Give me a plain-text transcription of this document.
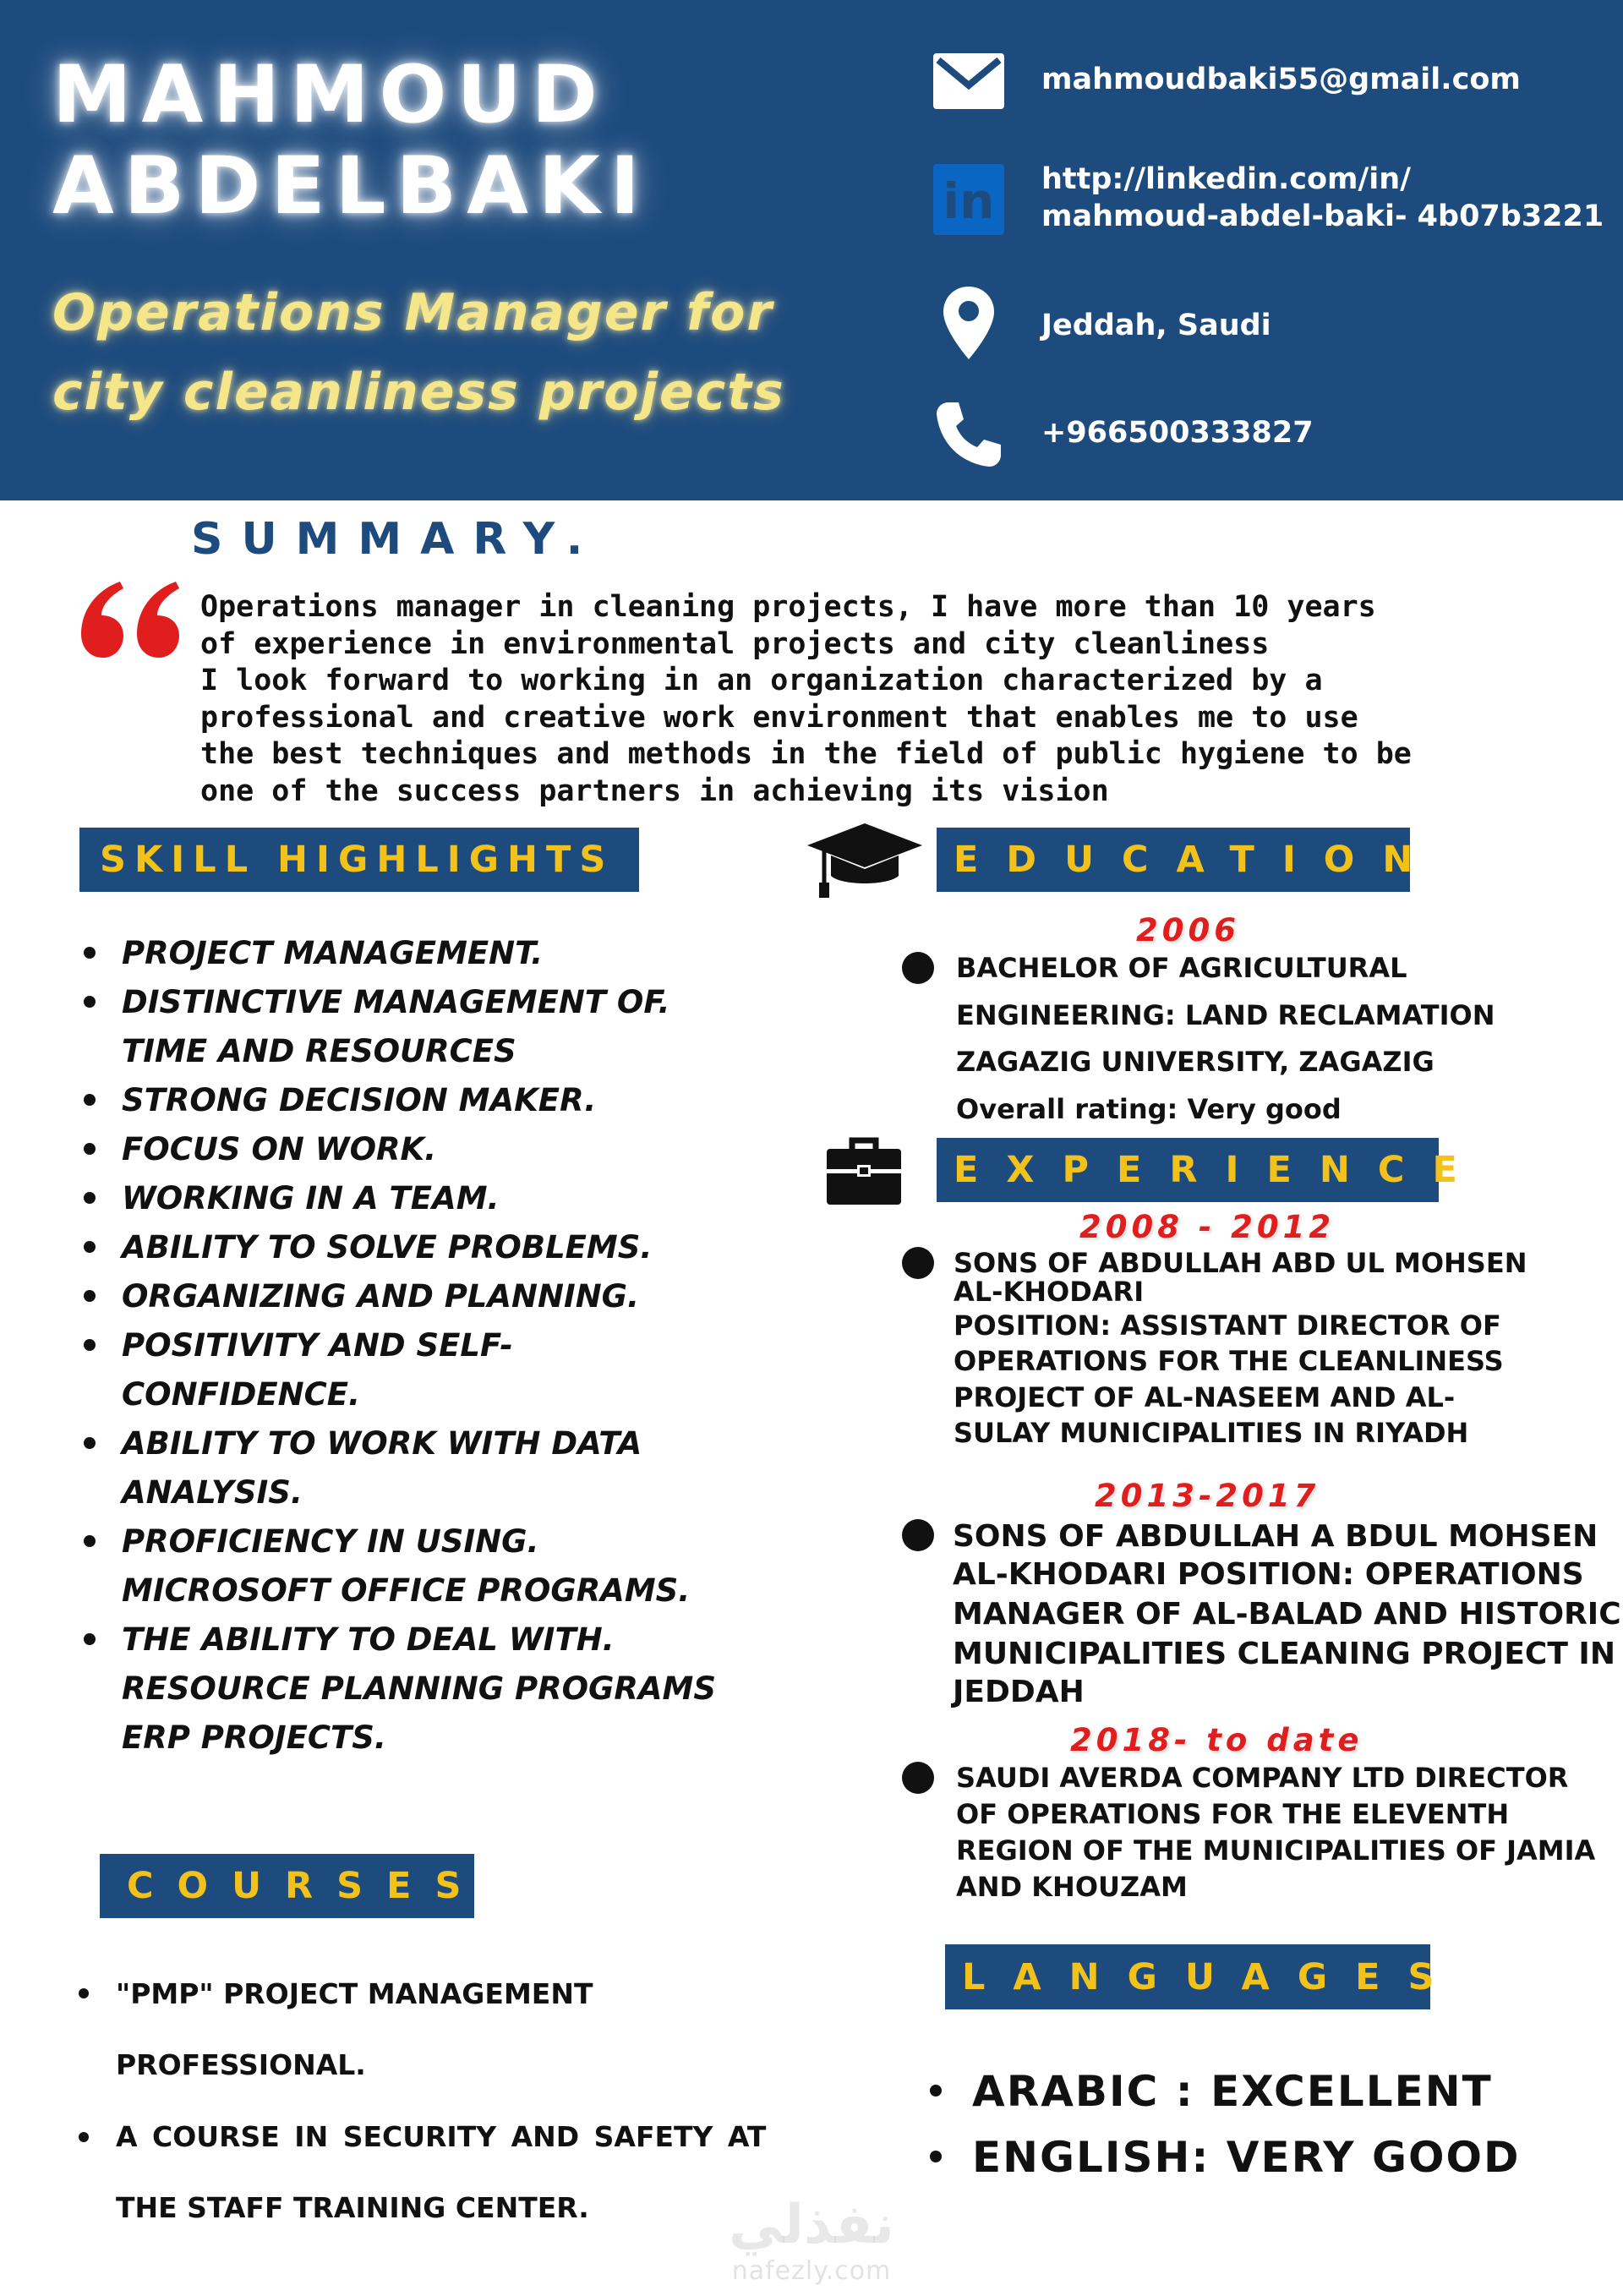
MAHMOUD
ABDELBAKI
Operations Manager for
city cleanliness projects
mahmoudbaki55@gmail.com
in http://linkedin.com/in/
mahmoud-abdel-baki- 4b07b3221
Jeddah, Saudi
+966500333827
SUMMARY.
Operations manager in cleaning projects, I have more than 10 years
of experience in environmental projects and city cleanliness
I look forward to working in an organization characterized by a
professional and creative work environment that enables me to use
the best techniques and methods in the field of public hygiene to be
one of the success partners in achieving its vision
SKILL HIGHLIGHTS
PROJECT MANAGEMENT.
DISTINCTIVE MANAGEMENT OF.
TIME AND RESOURCES
STRONG DECISION MAKER.
FOCUS ON WORK.
WORKING IN A TEAM.
ABILITY TO SOLVE PROBLEMS.
ORGANIZING AND PLANNING.
POSITIVITY AND SELF-
CONFIDENCE.
ABILITY TO WORK WITH DATA
ANALYSIS.
PROFICIENCY IN USING.
MICROSOFT OFFICE PROGRAMS.
THE ABILITY TO DEAL WITH.
RESOURCE PLANNING PROGRAMS
ERP PROJECTS.
COURSES
"PMP" PROJECT MANAGEMENT
PROFESSIONAL.
A COURSE IN SECURITY AND SAFETY AT
THE STAFF TRAINING CENTER.
EDUCATION
2006
BACHELOR OF AGRICULTURAL
ENGINEERING: LAND RECLAMATION
ZAGAZIG UNIVERSITY, ZAGAZIG
Overall rating: Very good
EXPERIENCE
2008 - 2012
SONS OF ABDULLAH ABD UL MOHSEN
AL-KHODARI
POSITION: ASSISTANT DIRECTOR OF
OPERATIONS FOR THE CLEANLINESS
PROJECT OF AL-NASEEM AND AL-
SULAY MUNICIPALITIES IN RIYADH
2013-2017
SONS OF ABDULLAH A BDUL MOHSEN
AL-KHODARI POSITION: OPERATIONS
MANAGER OF AL-BALAD AND HISTORIC
MUNICIPALITIES CLEANING PROJECT IN
JEDDAH
2018- to date
SAUDI AVERDA COMPANY LTD DIRECTOR
OF OPERATIONS FOR THE ELEVENTH
REGION OF THE MUNICIPALITIES OF JAMIA
AND KHOUZAM
LANGUAGES
ARABIC : EXCELLENT
ENGLISH: VERY GOOD
نفذلي
nafezly.com
